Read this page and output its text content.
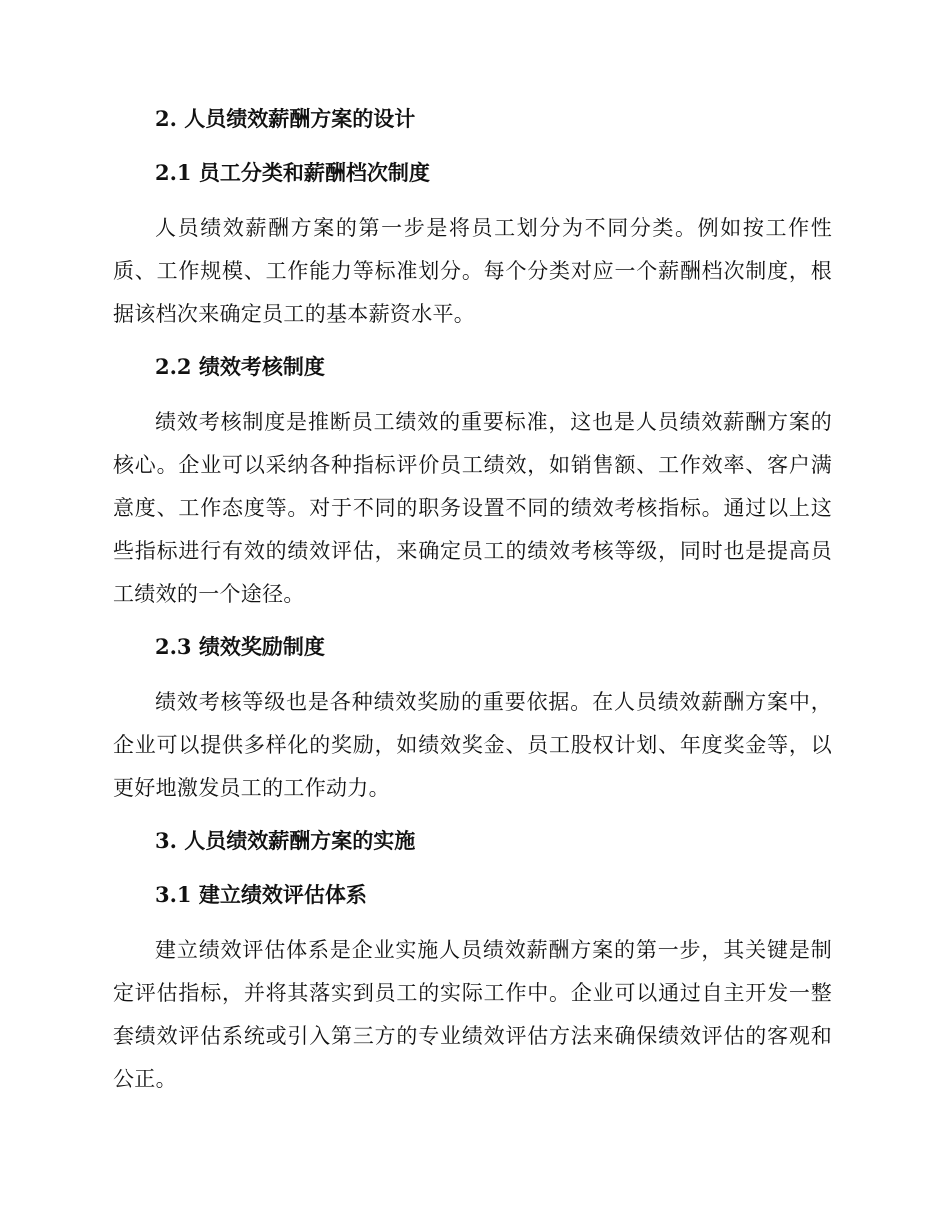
2. 人员绩效薪酬方案的设计
2.1 员工分类和薪酬档次制度

人员绩效薪酬方案的第一步是将员工划分为不同分类。例如按工作性质、工作规模、工作能力等标准划分。每个分类对应一个薪酬档次制度，根据该档次来确定员工的基本薪资水平。

2.2 绩效考核制度

绩效考核制度是推断员工绩效的重要标准，这也是人员绩效薪酬方案的核心。企业可以采纳各种指标评价员工绩效，如销售额、工作效率、客户满意度、工作态度等。对于不同的职务设置不同的绩效考核指标。通过以上这些指标进行有效的绩效评估，来确定员工的绩效考核等级，同时也是提高员工绩效的一个途径。

2.3 绩效奖励制度

绩效考核等级也是各种绩效奖励的重要依据。在人员绩效薪酬方案中，企业可以提供多样化的奖励，如绩效奖金、员工股权计划、年度奖金等，以更好地激发员工的工作动力。

3. 人员绩效薪酬方案的实施
3.1 建立绩效评估体系

建立绩效评估体系是企业实施人员绩效薪酬方案的第一步，其关键是制定评估指标，并将其落实到员工的实际工作中。企业可以通过自主开发一整套绩效评估系统或引入第三方的专业绩效评估方法来确保绩效评估的客观和公正。
